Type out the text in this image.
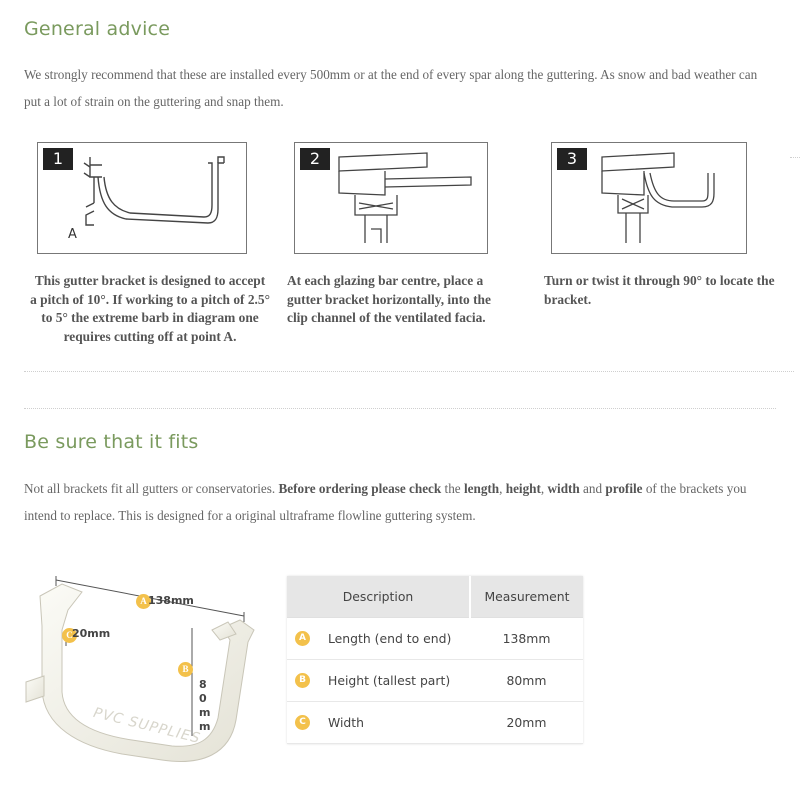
General advice

We strongly recommend that these are installed every 500mm or at the end of every spar along the guttering. As snow and bad weather can put a lot of strain on the guttering and snap them.

1
A
2	3

This gutter bracket is designed to accept a pitch of 10°. If working to a pitch of 2.5° to 5° the extreme barb in diagram one requires cutting off at point A.

At each glazing bar centre, place a gutter bracket horizontally, into the clip channel of the ventilated facia.

Turn or twist it through 90° to locate the bracket.

Be sure that it fits

Not all brackets fit all gutters or conservatories. Before ordering please check the length, height, width and profile of the brackets you intend to replace. This is designed for a original ultraframe flowline guttering system.

A 138mm
C 20mm
B
80mm
PVC SUPPLIES
Description	Measurement
A Length (end to end)	138mm
B Height (tallest part)	80mm
C Width	20mm
